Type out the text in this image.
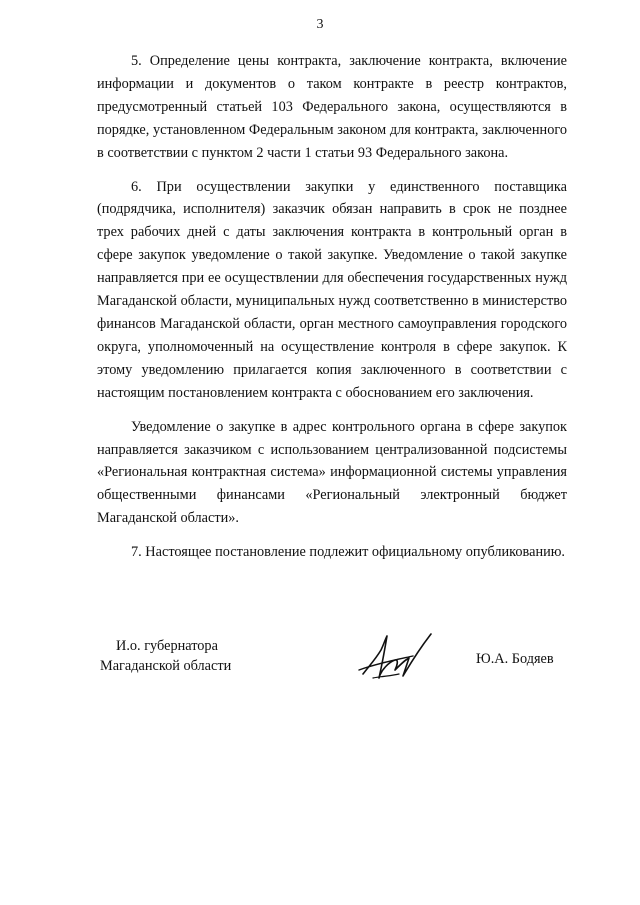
3

5. Определение цены контракта, заключение контракта, включение информации и документов о таком контракте в реестр контрактов, предусмотренный статьей 103 Федерального закона, осуществляются в порядке, установленном Федеральным законом для контракта, заключенного в соответствии с пунктом 2 части 1 статьи 93 Федерального закона.

6. При осуществлении закупки у единственного поставщика (подрядчика, исполнителя) заказчик обязан направить в срок не позднее трех рабочих дней с даты заключения контракта в контрольный орган в сфере закупок уведомление о такой закупке. Уведомление о такой закупке направляется при ее осуществлении для обеспечения государственных нужд Магаданской области, муниципальных нужд соответственно в министерство финансов Магаданской области, орган местного самоуправления городского округа, уполномоченный на осуществление контроля в сфере закупок. К этому уведомлению прилагается копия заключенного в соответствии с настоящим постановлением контракта с обоснованием его заключения.

Уведомление о закупке в адрес контрольного органа в сфере закупок направляется заказчиком с использованием централизованной подсистемы «Региональная контрактная система» информационной системы управления общественными финансами «Региональный электронный бюджет Магаданской области».

7. Настоящее постановление подлежит официальному опубликованию.

И.о. губернатора
Магаданской области	Ю.А. Бодяев
